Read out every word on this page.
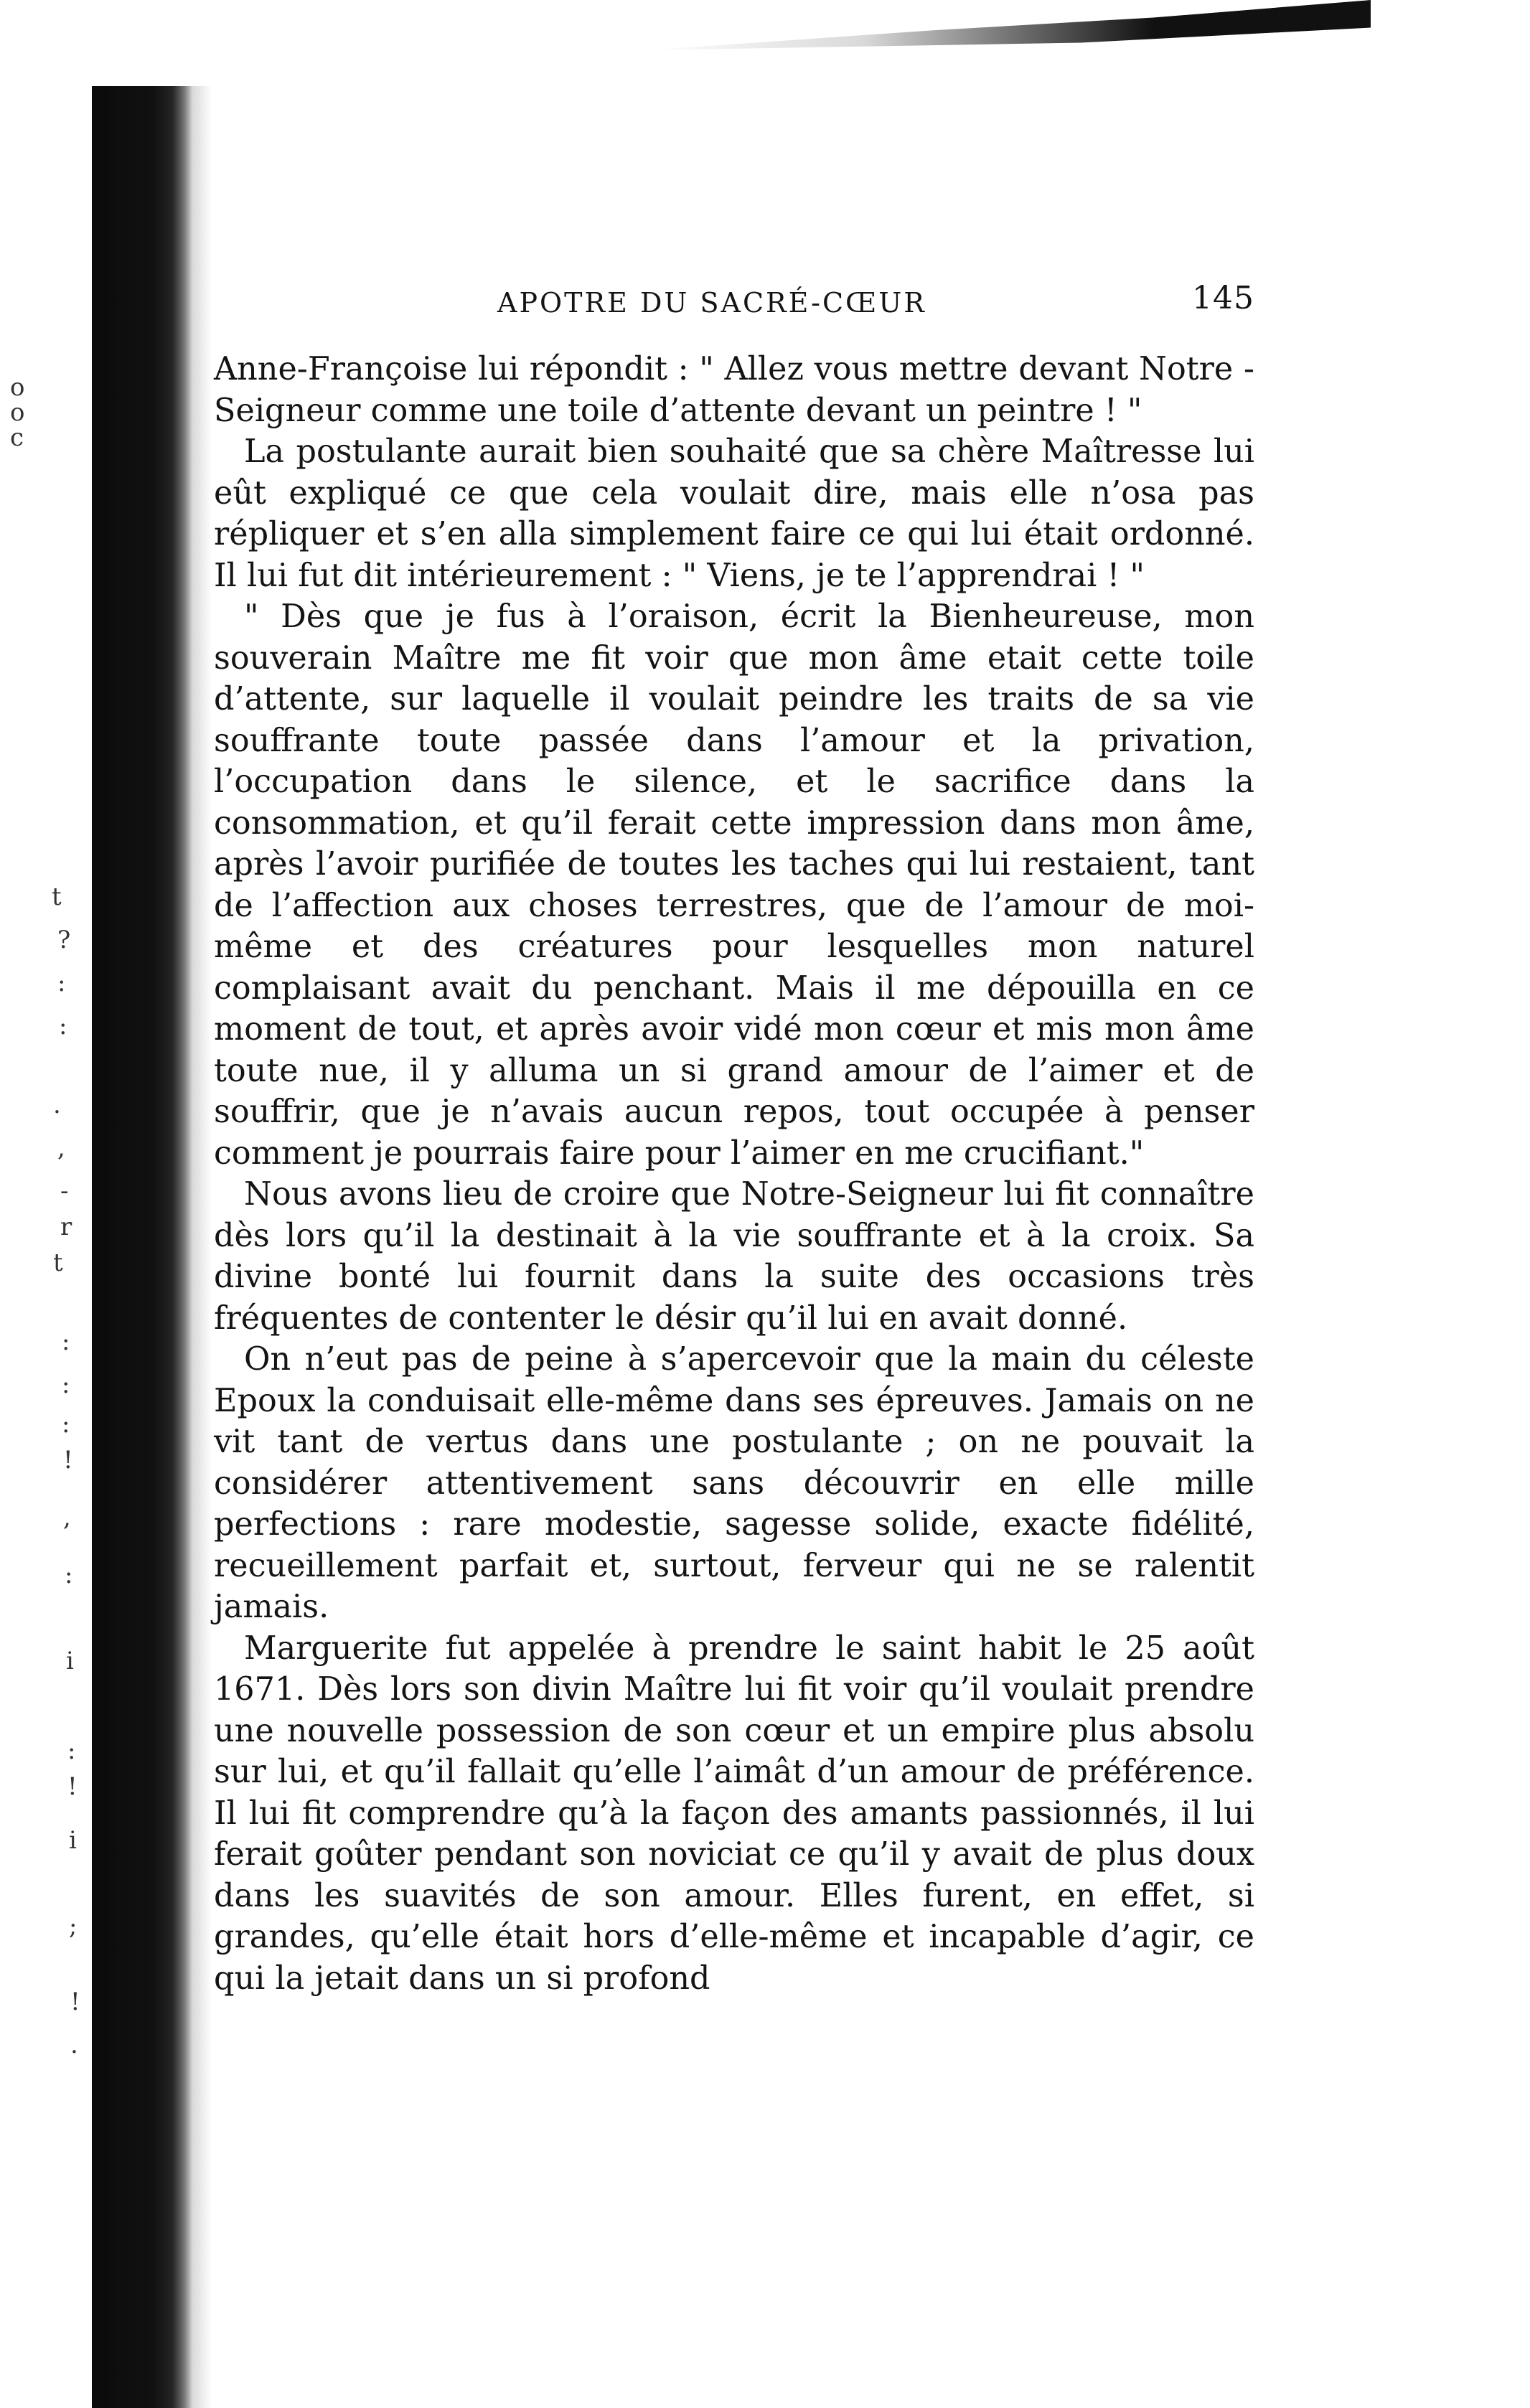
o
o
c
t
?
:
:
.
,
-
r
t
:
:
:
!
,
:
i
:
!
i
;
!
.
APOTRE DU SACRÉ-CŒUR	145

Anne-Françoise lui répondit : " Allez vous mettre devant Notre - Seigneur comme une toile d’attente devant un peintre ! "

La postulante aurait bien souhaité que sa chère Maîtresse lui eût expliqué ce que cela voulait dire, mais elle n’osa pas répliquer et s’en alla simplement faire ce qui lui était ordonné. Il lui fut dit intérieurement : " Viens, je te l’apprendrai ! "

" Dès que je fus à l’oraison, écrit la Bienheureuse, mon souverain Maître me fit voir que mon âme etait cette toile d’attente, sur laquelle il voulait peindre les traits de sa vie souffrante toute passée dans l’amour et la privation, l’occupation dans le silence, et le sacrifice dans la consommation, et qu’il ferait cette impression dans mon âme, après l’avoir purifiée de toutes les taches qui lui restaient, tant de l’affection aux choses terrestres, que de l’amour de moi-même et des créatures pour lesquelles mon naturel complaisant avait du penchant. Mais il me dépouilla en ce moment de tout, et après avoir vidé mon cœur et mis mon âme toute nue, il y alluma un si grand amour de l’aimer et de souffrir, que je n’avais aucun repos, tout occupée à penser comment je pourrais faire pour l’aimer en me crucifiant."

Nous avons lieu de croire que Notre-Seigneur lui fit connaître dès lors qu’il la destinait à la vie souffrante et à la croix. Sa divine bonté lui fournit dans la suite des occasions très fréquentes de contenter le désir qu’il lui en avait donné.

On n’eut pas de peine à s’apercevoir que la main du céleste Epoux la conduisait elle-même dans ses épreuves. Jamais on ne vit tant de vertus dans une postulante ; on ne pouvait la considérer attentivement sans découvrir en elle mille perfections : rare modestie, sagesse solide, exacte fidélité, recueillement parfait et, surtout, ferveur qui ne se ralentit jamais.

Marguerite fut appelée à prendre le saint habit le 25 août 1671. Dès lors son divin Maître lui fit voir qu’il voulait prendre une nouvelle possession de son cœur et un empire plus absolu sur lui, et qu’il fallait qu’elle l’aimât d’un amour de préférence. Il lui fit comprendre qu’à la façon des amants passionnés, il lui ferait goûter pendant son noviciat ce qu’il y avait de plus doux dans les suavités de son amour. Elles furent, en effet, si grandes, qu’elle était hors d’elle-même et incapable d’agir, ce qui la jetait dans un si profond
